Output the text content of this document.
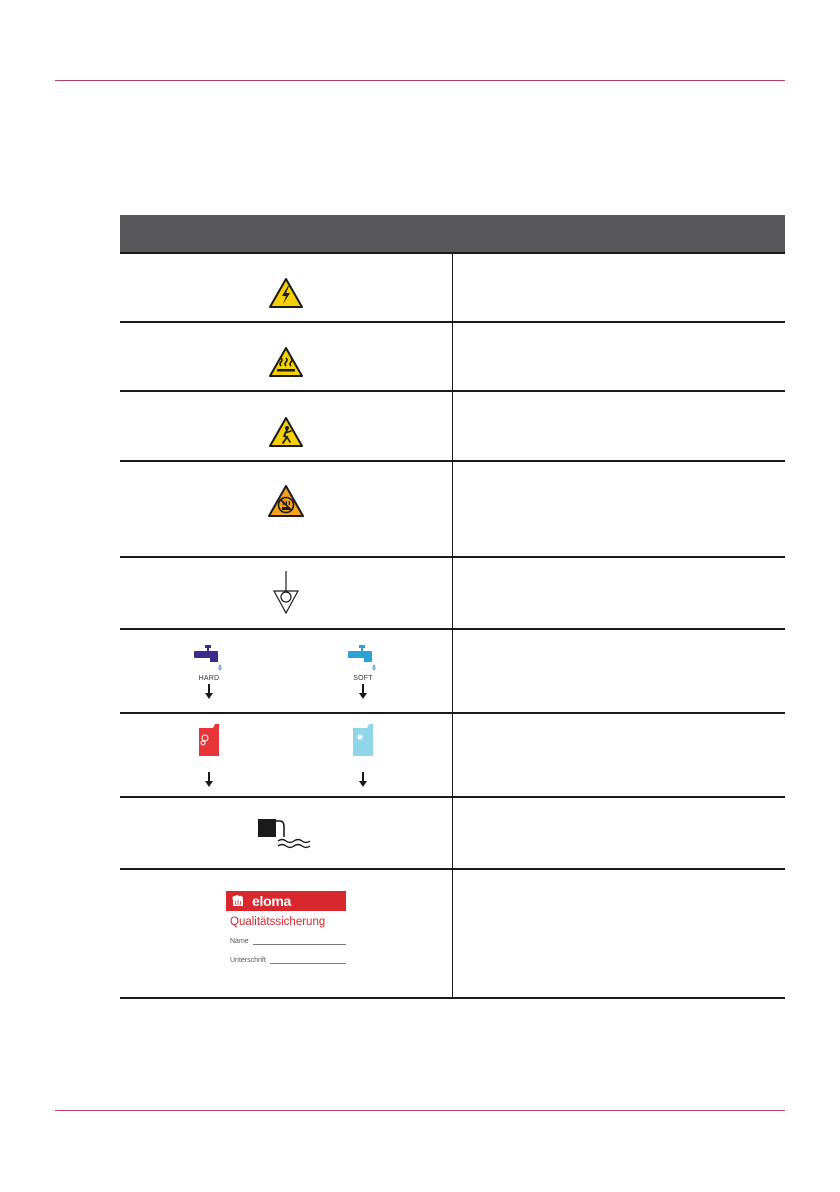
HARD SOFT	

eloma
Qualitätssicherung
Name
Unterschrift	
